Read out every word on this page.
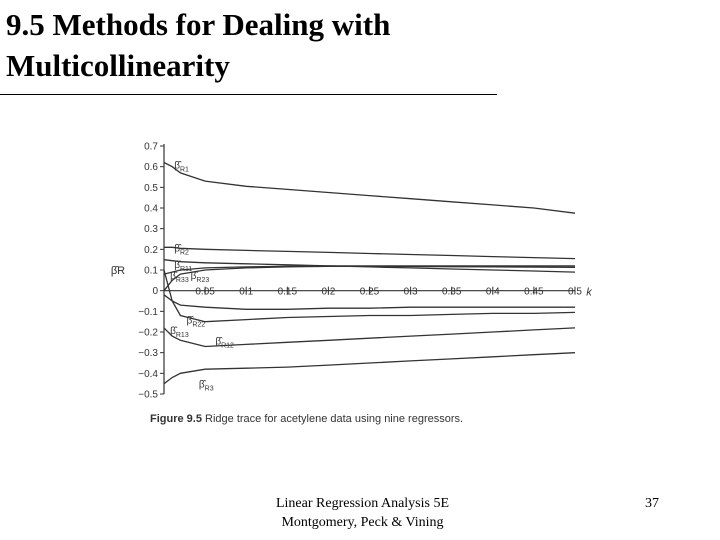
9.5 Methods for Dealing with
Multicollinearity
0.7
0.6
0.5
0.4
0.3
0.2
0.1
0
−0.1
−0.2
−0.3
−0.4
−0.5
0.05 0.1 0.15 0.2 0.25 0.3 0.35 0.4 0.45 0.5
β̂R
k
$\betâ_{R1}$
$\betâ_{R2}$
$\betâ_{R11}$
$\betâ_{R33}$ $\betâ_{R23}$
$\betâ_{R22}$
$\betâ_{R13}$
$\betâ_{R12}$
$\betâ_{R3}$
Figure 9.5 Ridge trace for acetylene data using nine regressors.
Linear Regression Analysis 5E
Montgomery, Peck & Vining
37
